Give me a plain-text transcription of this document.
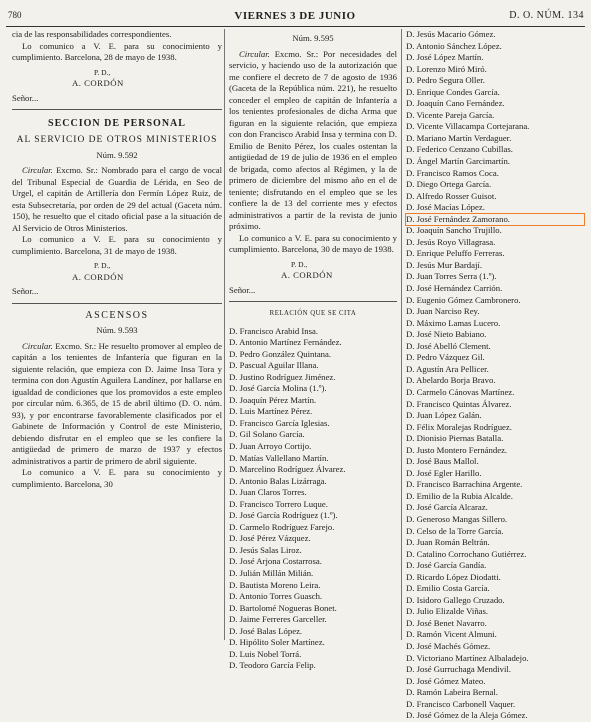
780	VIERNES 3 DE JUNIO	D. O. NÚM. 134

cia de las responsabilidades correspondientes.

Lo comunico a V. E. para su conocimiento y cumplimiento. Barcelona, 28 de mayo de 1938.

P. D.,
A. CORDÓN
Señor...
SECCION DE PERSONAL
AL SERVICIO DE OTROS MINISTERIOS
Núm. 9.592

Circular. Excmo. Sr.: Nombrado para el cargo de vocal del Tribunal Especial de Guardia de Lérida, en Seo de Urgel, el capitán de Artillería don Fermín López Ruiz, de esta Subsecretaría, por orden de 29 del actual (Gaceta núm. 150), he resuelto que el citado oficial pase a la situación de Al Servicio de Otros Ministerios.

Lo comunico a V. E. para su conocimiento y cumplimiento. Barcelona, 31 de mayo de 1938.

P. D.,
A. CORDÓN
Señor...
ASCENSOS
Núm. 9.593

Circular. Excmo. Sr.: He resuelto promover al empleo de capitán a los tenientes de Infantería que figuran en la siguiente relación, que empieza con D. Jaime Insa Tora y termina con don Agustín Aguilera Landínez, por hallarse en igualdad de condiciones que los promovidos a este empleo por circular núm. 6.365, de 15 de abril último (D. O. núm. 93), y por encontrarse favorablemente clasificados por el Gabinete de Información y Control de este Ministerio, debiendo disfrutar en el empleo que se les confiere la antigüedad de primero de marzo de 1937 y efectos administrativos a partir de primero de abril siguiente.

Lo comunico a V. E. para su conocimiento y cumplimiento. Barcelona, 30

Núm. 9.595

Circular. Excmo. Sr.: Por necesidades del servicio, y haciendo uso de la autorización que me confiere el decreto de 7 de agosto de 1936 (Gaceta de la República núm. 221), he resuelto conceder el empleo de capitán de Infantería a los tenientes profesionales de dicha Arma que figuran en la siguiente relación, que empieza con don Francisco Arabid Insa y termina con D. Emilio de Benito Pérez, los cuales ostentan la antigüedad de 19 de julio de 1936 en el empleo de brigada, como afectos al Régimen, y la de primero de diciembre del mismo año en el de teniente; disfrutando en el empleo que se les confiere la de 13 del corriente mes y efectos administrativos a partir de la revista de junio próximo.

Lo comunico a V. E. para su conocimiento y cumplimiento. Barcelona, 30 de mayo de 1938.

P. D.,
A. CORDÓN
Señor...
RELACIÓN QUE SE CITA
D. Francisco Arabid Insa.
D. Antonio Martínez Fernández.
D. Pedro González Quintana.
D. Pascual Aguilar Illana.
D. Justino Rodríguez Jiménez.
D. José García Molina (1.º).
D. Joaquín Pérez Martín.
D. Luis Martínez Pérez.
D. Francisco García Iglesias.
D. Gil Solano García.
D. Juan Arroyo Cortijo.
D. Matías Vallellano Martín.
D. Marcelino Rodríguez Álvarez.
D. Antonio Balas Lizárraga.
D. Juan Claros Torres.
D. Francisco Torrero Luque.
D. José García Rodríguez (1.º).
D. Carmelo Rodríguez Farejo.
D. José Pérez Vázquez.
D. Jesús Salas Liroz.
D. José Arjona Costarrosa.
D. Julián Millán Milián.
D. Bautista Moreno Leira.
D. Antonio Torres Guasch.
D. Bartolomé Nogueras Bonet.
D. Jaime Ferreres Garceller.
D. José Balas López.
D. Hipólito Soler Martínez.
D. Luis Nobel Torrá.
D. Teodoro García Felip.
D. Jesús Macario Gómez.
D. Antonio Sánchez López.
D. José López Martín.
D. Lorenzo Miró Miró.
D. Pedro Segura Oller.
D. Enrique Condes García.
D. Joaquín Cano Fernández.
D. Vicente Pareja García.
D. Vicente Villacampa Cortejarana.
D. Mariano Martín Verdaguer.
D. Federico Cenzano Cubillas.
D. Ángel Martín Garcimartín.
D. Francisco Ramos Coca.
D. Diego Ortega García.
D. Alfredo Rosser Guisot.
D. José Macías López.
D. José Fernández Zamorano.
D. Joaquín Sancho Trujillo.
D. Jesús Royo Villagrasa.
D. Enrique Peluffo Ferreras.
D. Jesús Mur Bardají.
D. Juan Torres Serra (1.º).
D. José Hernández Carrión.
D. Eugenio Gómez Cambronero.
D. Juan Narciso Rey.
D. Máximo Lamas Lucero.
D. José Nieto Babiano.
D. José Abelló Clement.
D. Pedro Vázquez Gil.
D. Agustín Ara Pellicer.
D. Abelardo Borja Bravo.
D. Carmelo Cánovas Martínez.
D. Francisco Quintas Álvarez.
D. Juan López Galán.
D. Félix Moralejas Rodríguez.
D. Dionisio Piernas Batalla.
D. Justo Montero Fernández.
D. José Baus Mallol.
D. José Egler Harillo.
D. Francisco Barrachina Argente.
D. Emilio de la Rubia Alcalde.
D. José García Alcaraz.
D. Generoso Mangas Sillero.
D. Celso de la Torre García.
D. Juan Román Beltrán.
D. Catalino Corrochano Gutiérrez.
D. José García Gandía.
D. Ricardo López Diodatti.
D. Emilio Costa García.
D. Isidoro Gallego Cruzado.
D. Julio Elizalde Viñas.
D. José Benet Navarro.
D. Ramón Vicent Almuni.
D. José Machés Gómez.
D. Victoriano Martínez Albaladejo.
D. José Gurruchaga Mendivil.
D. José Gómez Mateo.
D. Ramón Labeira Bernal.
D. Francisco Carbonell Vaquer.
D. José Gómez de la Aleja Gómez.
